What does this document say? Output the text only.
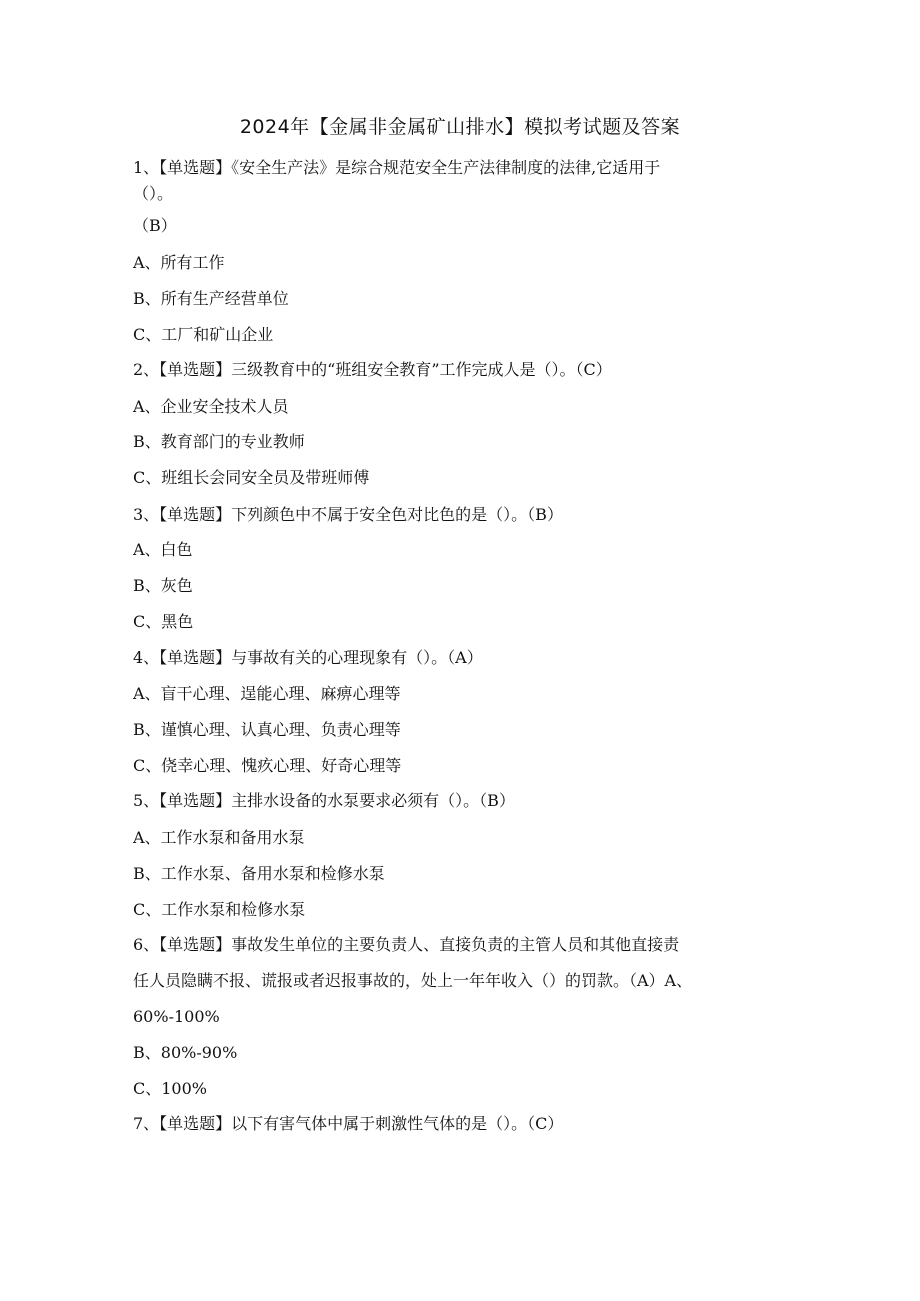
2024年【金属非金属矿山排水】模拟考试题及答案
1、【单选题】《安全生产法》是综合规范安全生产法律制度的法律,它适用于
（）。
（B）
A、所有工作
B、所有生产经营单位
C、工厂和矿山企业
2、【单选题】三级教育中的“班组安全教育”工作完成人是（）。（C）
A、企业安全技术人员
B、教育部门的专业教师
C、班组长会同安全员及带班师傅
3、【单选题】下列颜色中不属于安全色对比色的是（）。（B）
A、白色
B、灰色
C、黑色
4、【单选题】与事故有关的心理现象有（）。（A）
A、盲干心理、逞能心理、麻痹心理等
B、谨慎心理、认真心理、负责心理等
C、侥幸心理、愧疚心理、好奇心理等
5、【单选题】主排水设备的水泵要求必须有（）。（B）
A、工作水泵和备用水泵
B、工作水泵、备用水泵和检修水泵
C、工作水泵和检修水泵
6、【单选题】事故发生单位的主要负责人、直接负责的主管人员和其他直接责
任人员隐瞒不报、谎报或者迟报事故的，处上一年年收入（）的罚款。（A）A、
60%-100%
B、80%-90%
C、100%
7、【单选题】以下有害气体中属于刺激性气体的是（）。（C）
